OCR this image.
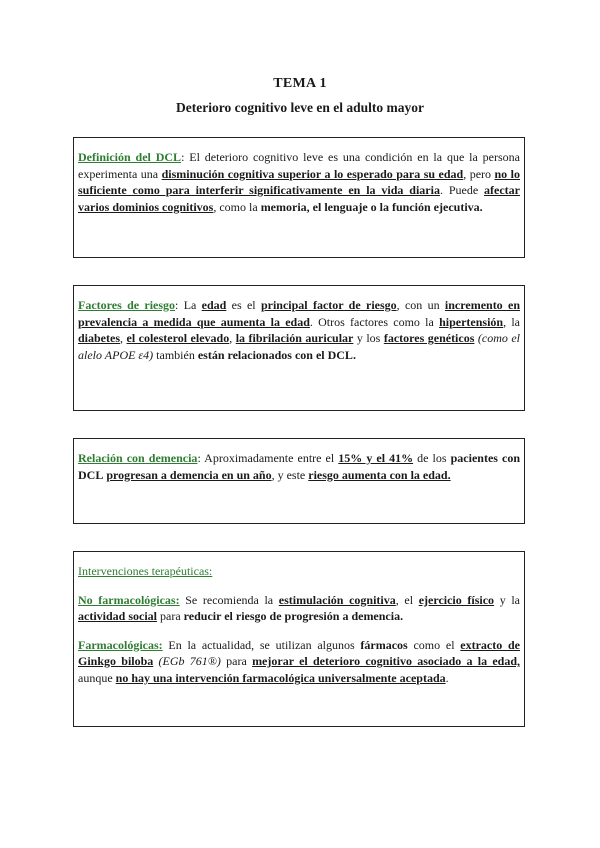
TEMA 1
Deterioro cognitivo leve en el adulto mayor

Definición del DCL: El deterioro cognitivo leve es una condición en la que la persona experimenta una disminución cognitiva superior a lo esperado para su edad, pero no lo suficiente como para interferir significativamente en la vida diaria. Puede afectar varios dominios cognitivos, como la memoria, el lenguaje o la función ejecutiva.

Factores de riesgo: La edad es el principal factor de riesgo, con un incremento en prevalencia a medida que aumenta la edad. Otros factores como la hipertensión, la diabetes, el colesterol elevado, la fibrilación auricular y los factores genéticos (como el alelo APOE ε4) también están relacionados con el DCL.

Relación con demencia: Aproximadamente entre el 15% y el 41% de los pacientes con DCL progresan a demencia en un año, y este riesgo aumenta con la edad.

Intervenciones terapéuticas:

No farmacológicas: Se recomienda la estimulación cognitiva, el ejercicio físico y la actividad social para reducir el riesgo de progresión a demencia.

Farmacológicas: En la actualidad, se utilizan algunos fármacos como el extracto de Ginkgo biloba (EGb 761®) para mejorar el deterioro cognitivo asociado a la edad, aunque no hay una intervención farmacológica universalmente aceptada.
